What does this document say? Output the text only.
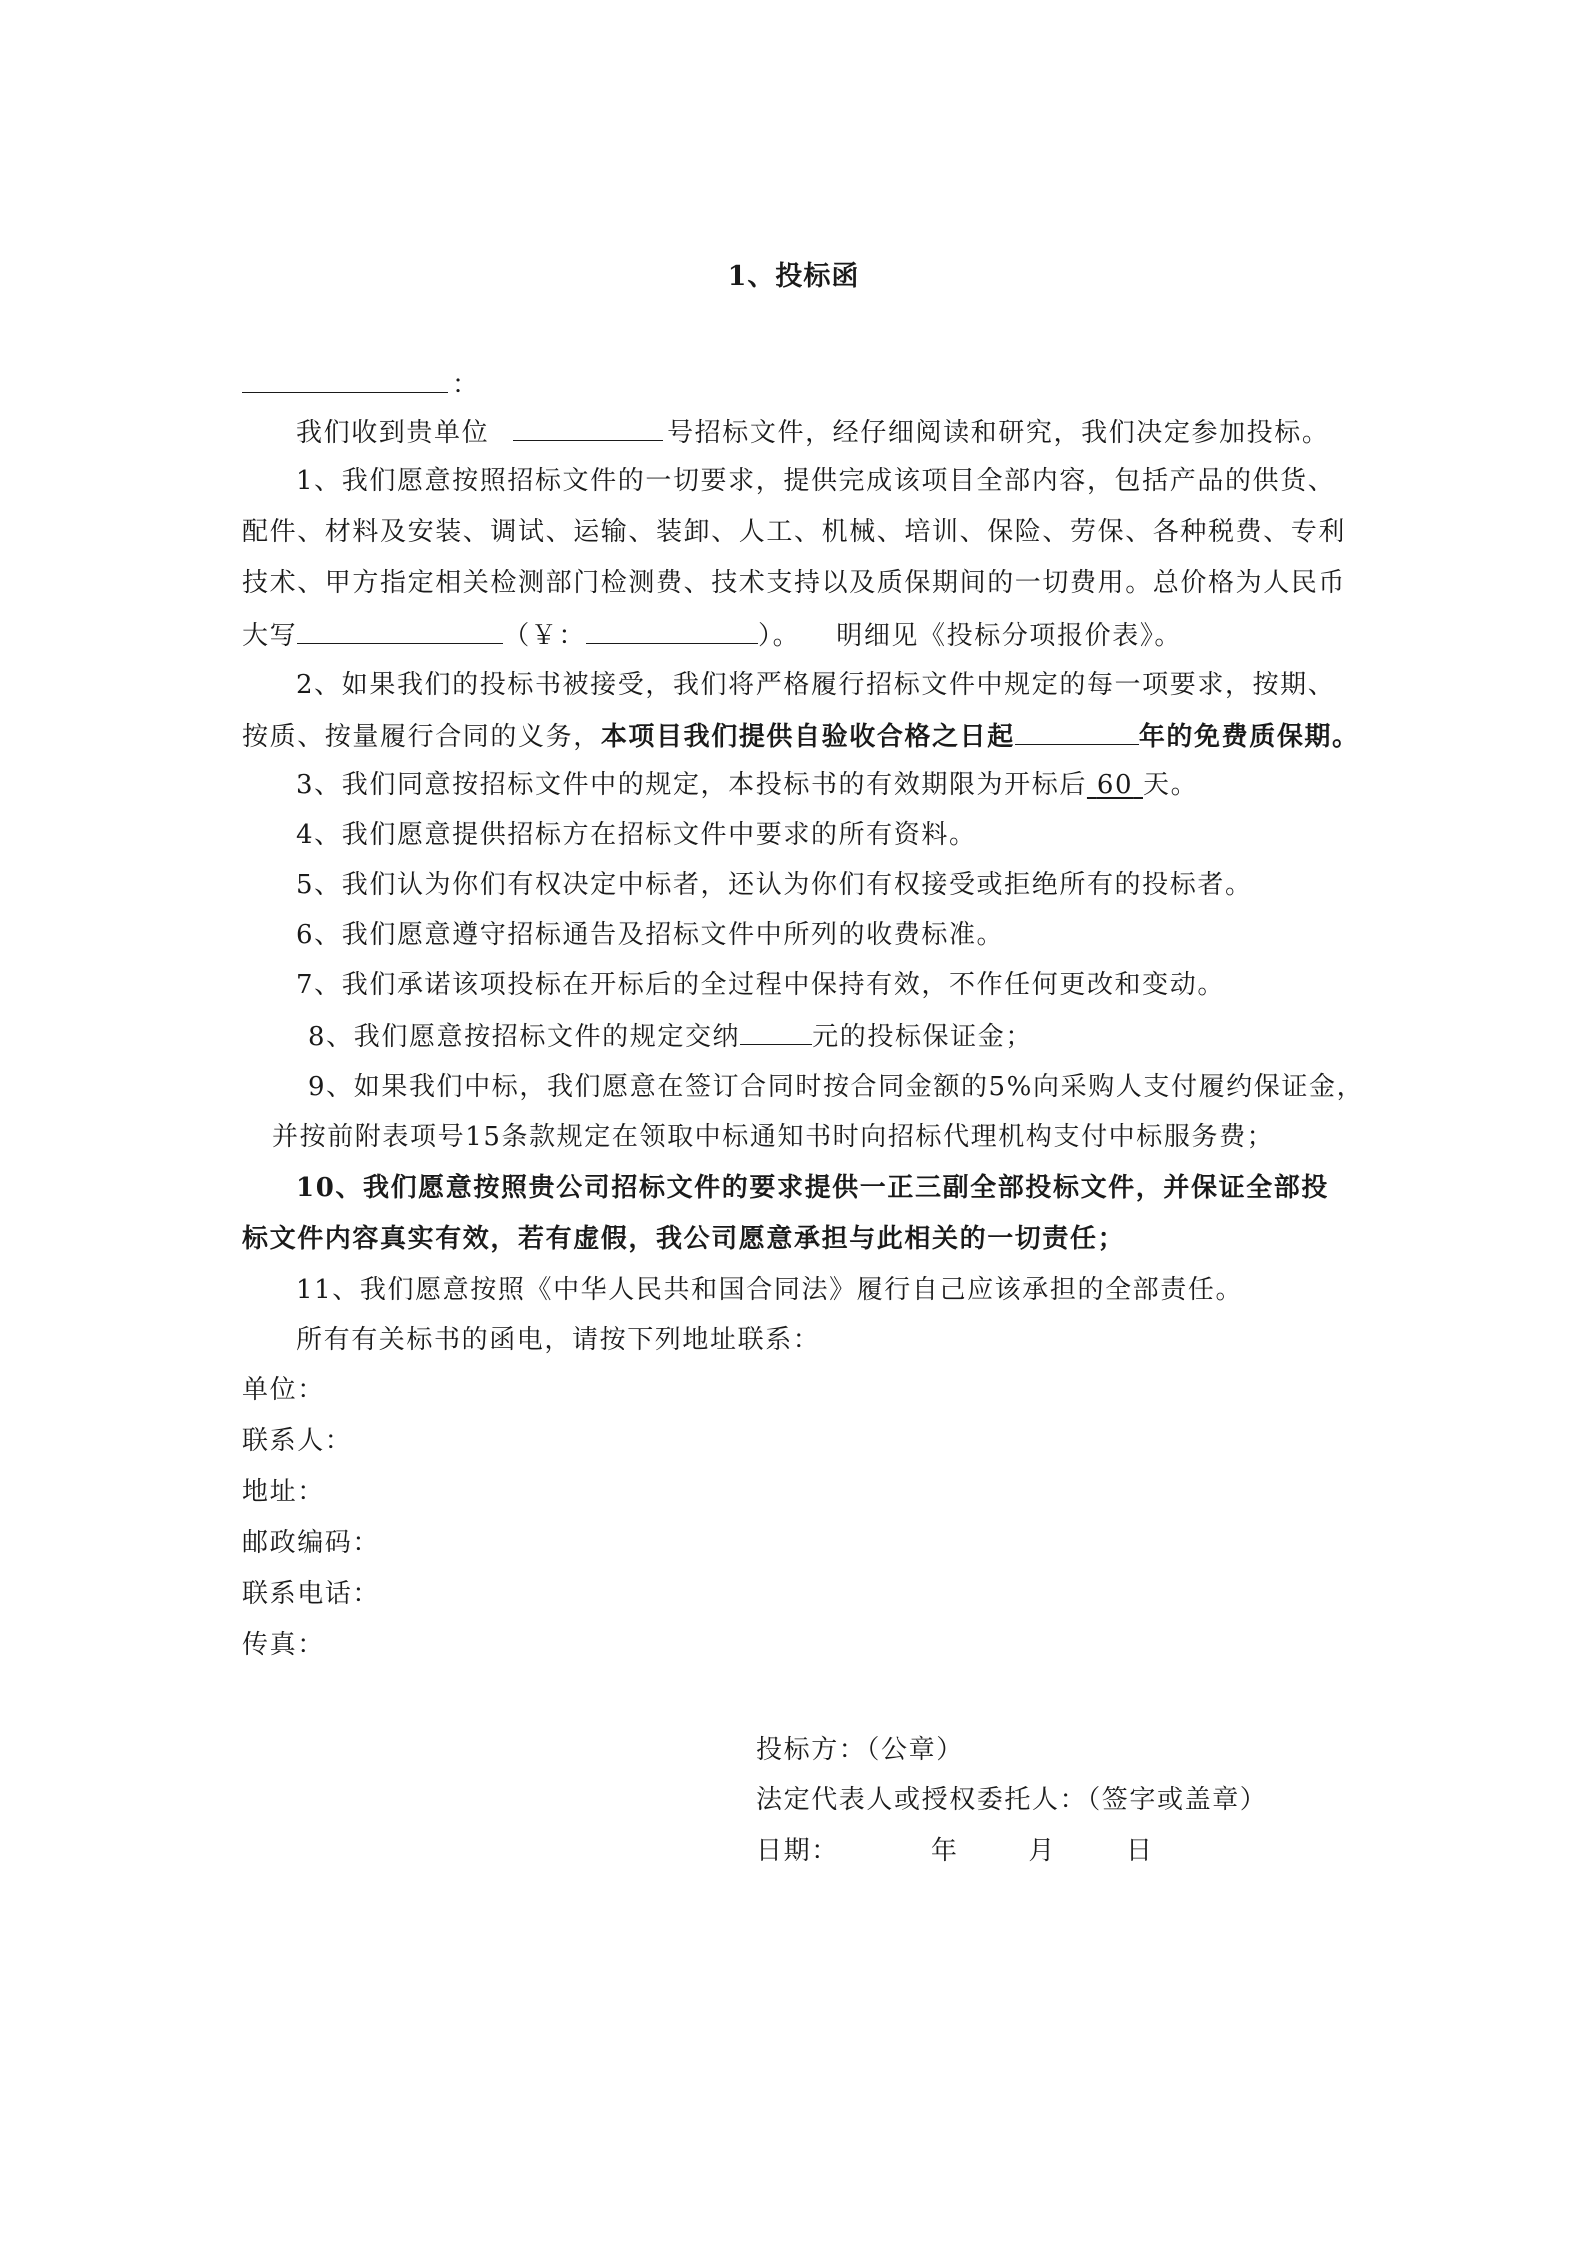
1、投标函
：
我们收到贵单位	号招标文件，经仔细阅读和研究，我们决定参加投标。
1、我们愿意按照招标文件的一切要求，提供完成该项目全部内容，包括产品的供货、
配件、材料及安装、调试、运输、装卸、人工、机械、培训、保险、劳保、各种税费、专利
技术、甲方指定相关检测部门检测费、技术支持以及质保期间的一切费用。总价格为人民币
大写	（￥：	）。 明细见《投标分项报价表》。
2、如果我们的投标书被接受，我们将严格履行招标文件中规定的每一项要求，按期、
按质、按量履行合同的义务，本项目我们提供自验收合格之日起	年的免费质保期。
3、我们同意按招标文件中的规定，本投标书的有效期限为开标后 60 天。
4、我们愿意提供招标方在招标文件中要求的所有资料。
5、我们认为你们有权决定中标者，还认为你们有权接受或拒绝所有的投标者。
6、我们愿意遵守招标通告及招标文件中所列的收费标准。
7、我们承诺该项投标在开标后的全过程中保持有效，不作任何更改和变动。
8、我们愿意按招标文件的规定交纳	元的投标保证金；
9、如果我们中标，我们愿意在签订合同时按合同金额的5%向采购人支付履约保证金，
并按前附表项号15条款规定在领取中标通知书时向招标代理机构支付中标服务费；
10、我们愿意按照贵公司招标文件的要求提供一正三副全部投标文件，并保证全部投
标文件内容真实有效，若有虚假，我公司愿意承担与此相关的一切责任；
11、我们愿意按照《中华人民共和国合同法》履行自己应该承担的全部责任。
所有有关标书的函电，请按下列地址联系：
单位：
联系人：
地址：
邮政编码：
联系电话：
传真：
投标方：（公章）
法定代表人或授权委托人：（签字或盖章）
日期：	年	月	日
